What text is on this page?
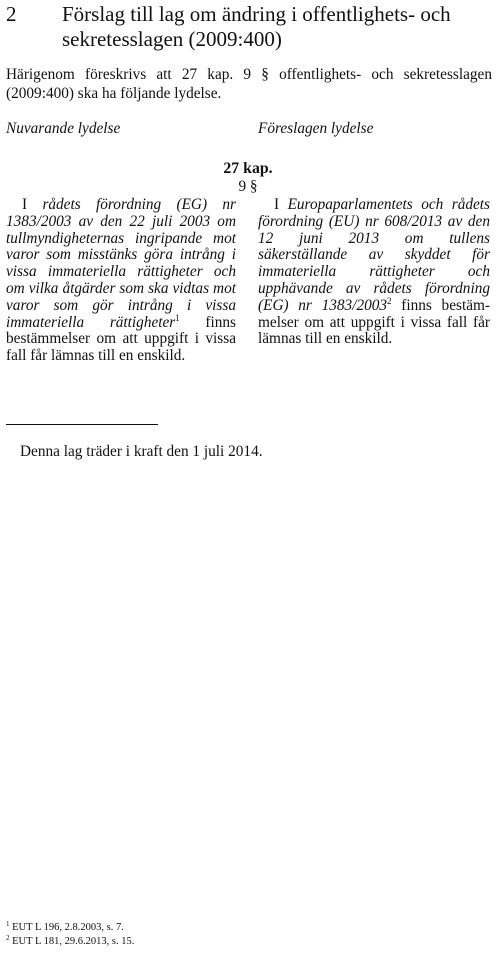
2 Förslag till lag om ändring i offentlighets- och sekretesslagen (2009:400)
Härigenom föreskrivs att 27 kap. 9 § offentlighets- och sekretesslagen (2009:400) ska ha följande lydelse.
Nuvarande lydelse	Föreslagen lydelse
27 kap.
9 §

I rådets förordning (EG) nr 1383/2003 av den 22 juli 2003 om tullmyndigheternas ingripande mot varor som misstänks göra intrång i vissa immateriella rättigheter och om vilka åtgärder som ska vidtas mot varor som gör intrång i vissa immateriella rättigheter$^1$ finns bestämmelser om att uppgift i vissa fall får lämnas till en enskild.

I Europaparlamentets och rådets förordning (EU) nr 608/2013 av den 12 juni 2013 om tullens säkerställande av skyddet för immateriella rättigheter och upphävande av rådets förordning (EG) nr 1383/2003$^2$ finns bestämmelser om att uppgift i vissa fall får lämnas till en enskild.

Denna lag träder i kraft den 1 juli 2014.
$^1$ EUT L 196, 2.8.2003, s. 7.
$^2$ EUT L 181, 29.6.2013, s. 15.
